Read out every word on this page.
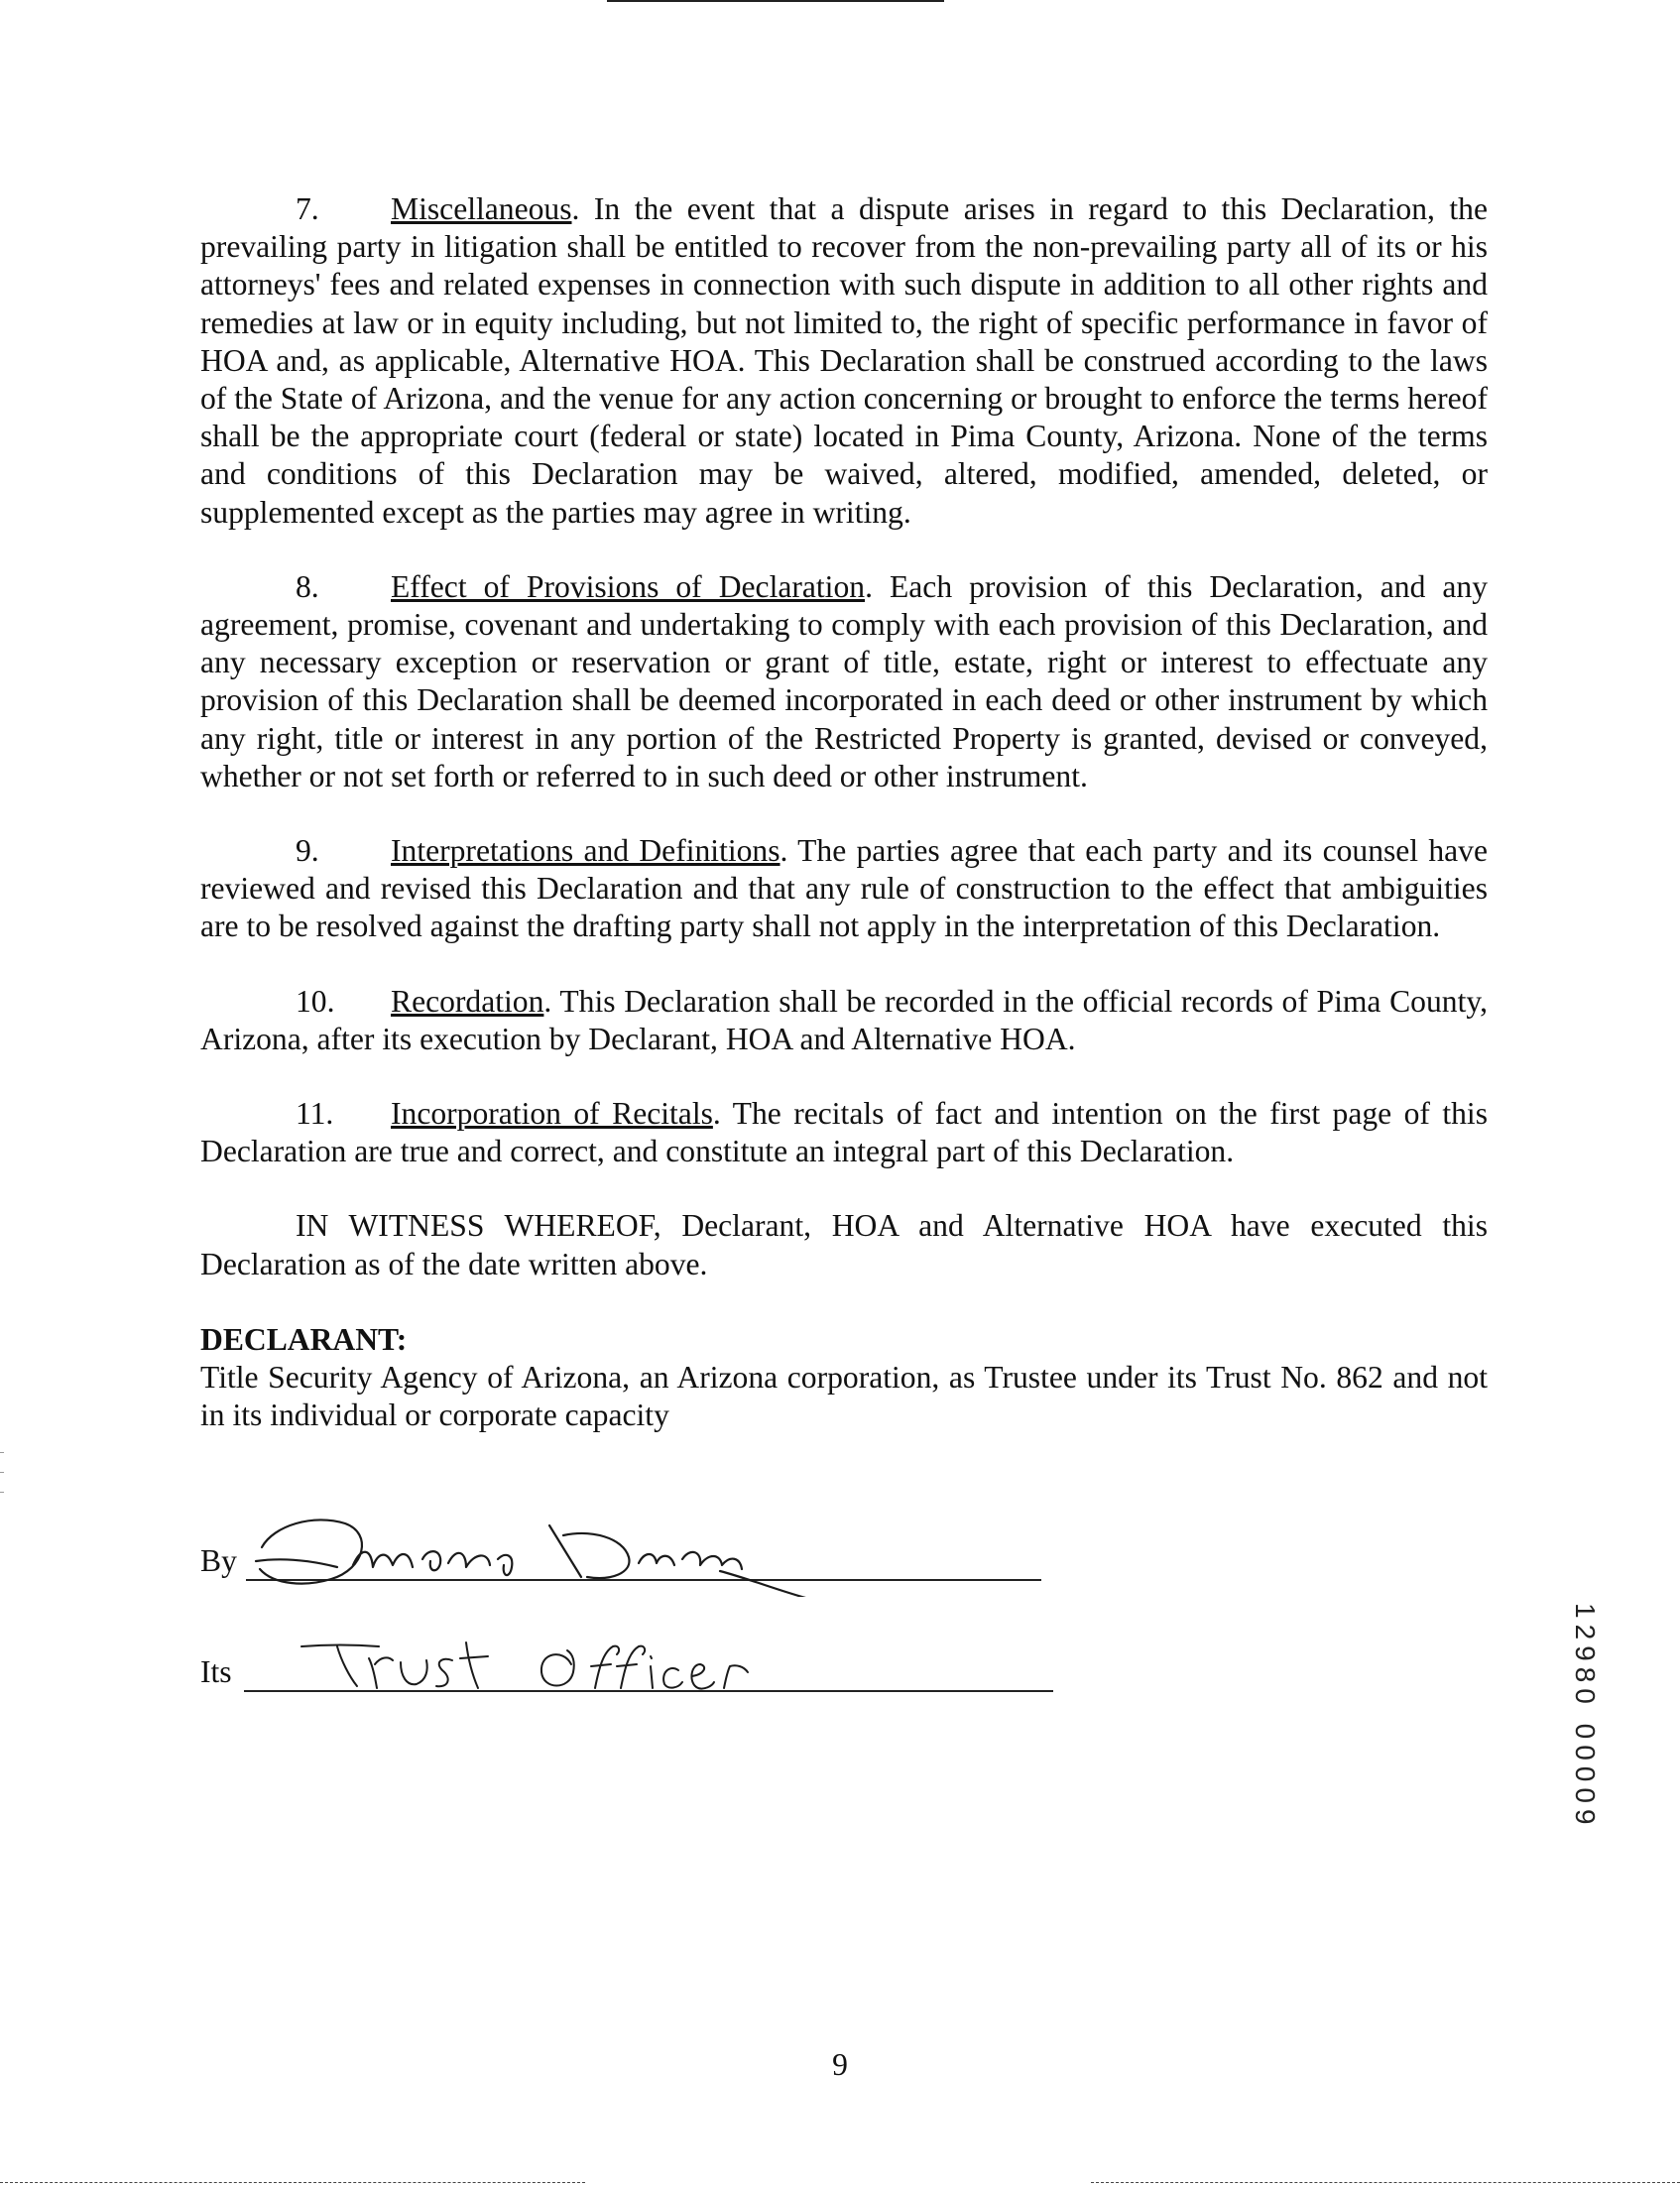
7. Miscellaneous. In the event that a dispute arises in regard to this Declaration, the prevailing party in litigation shall be entitled to recover from the non-prevailing party all of its or his attorneys' fees and related expenses in connection with such dispute in addition to all other rights and remedies at law or in equity including, but not limited to, the right of specific performance in favor of HOA and, as applicable, Alternative HOA. This Declaration shall be construed according to the laws of the State of Arizona, and the venue for any action concerning or brought to enforce the terms hereof shall be the appropriate court (federal or state) located in Pima County, Arizona. None of the terms and conditions of this Declaration may be waived, altered, modified, amended, deleted, or supplemented except as the parties may agree in writing.

8. Effect of Provisions of Declaration. Each provision of this Declaration, and any agreement, promise, covenant and undertaking to comply with each provision of this Declaration, and any necessary exception or reservation or grant of title, estate, right or interest to effectuate any provision of this Declaration shall be deemed incorporated in each deed or other instrument by which any right, title or interest in any portion of the Restricted Property is granted, devised or conveyed, whether or not set forth or referred to in such deed or other instrument.

9. Interpretations and Definitions. The parties agree that each party and its counsel have reviewed and revised this Declaration and that any rule of construction to the effect that ambiguities are to be resolved against the drafting party shall not apply in the interpretation of this Declaration.

10. Recordation. This Declaration shall be recorded in the official records of Pima County, Arizona, after its execution by Declarant, HOA and Alternative HOA.

11. Incorporation of Recitals. The recitals of fact and intention on the first page of this Declaration are true and correct, and constitute an integral part of this Declaration.

IN WITNESS WHEREOF, Declarant, HOA and Alternative HOA have executed this Declaration as of the date written above.

DECLARANT:

Title Security Agency of Arizona, an Arizona corporation, as Trustee under its Trust No. 862 and not in its individual or corporate capacity

By
Its	12980 00009
9
